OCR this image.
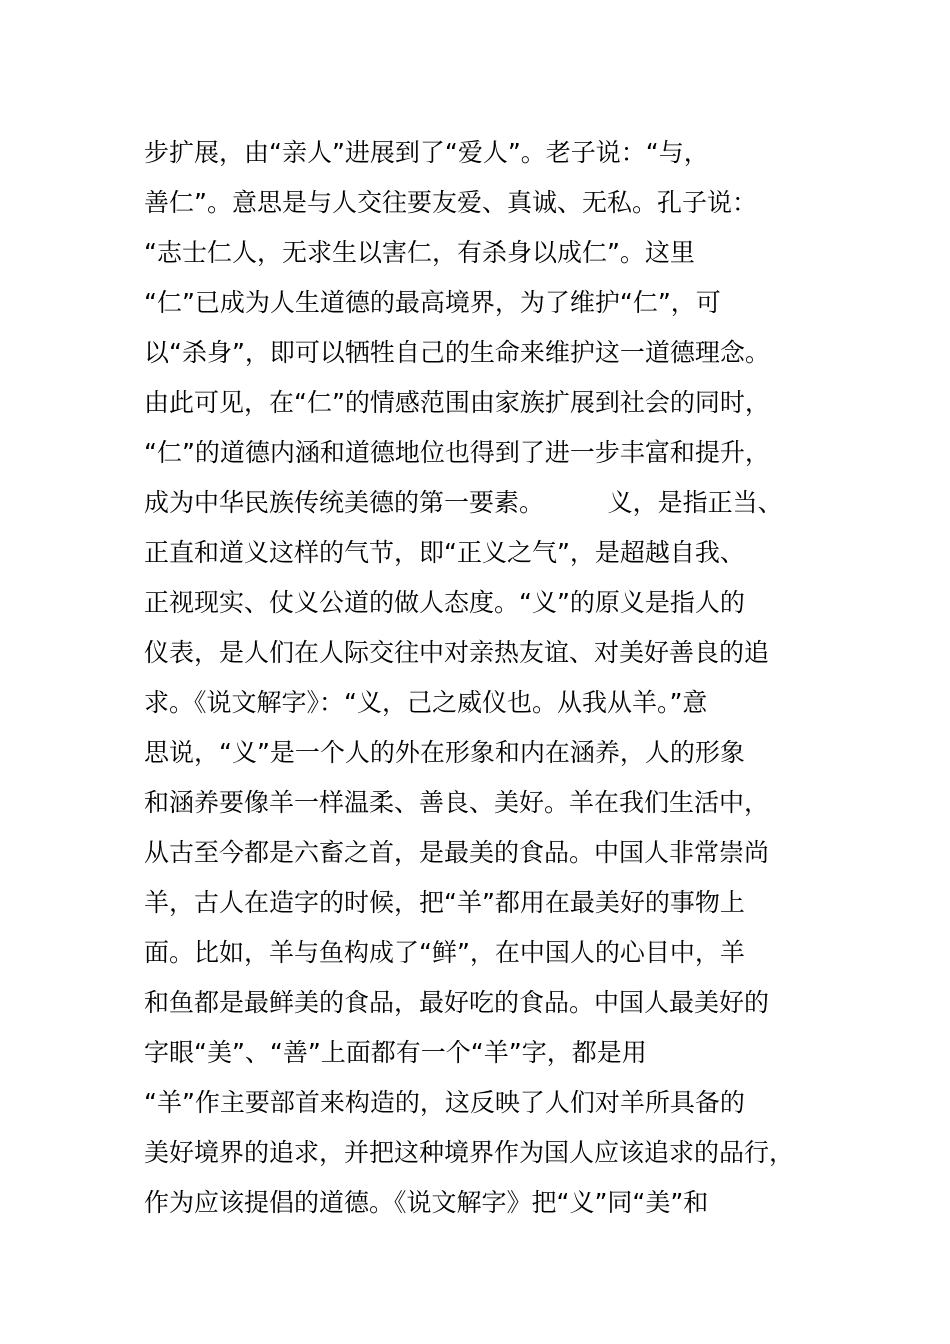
步扩展，由“亲人”进展到了“爱人”。老子说：“与，
善仁”。意思是与人交往要友爱、真诚、无私。孔子说：
“志士仁人，无求生以害仁，有杀身以成仁”。这里
“仁”已成为人生道德的最高境界，为了维护“仁”，可
以“杀身”，即可以牺牲自己的生命来维护这一道德理念。
由此可见，在“仁”的情感范围由家族扩展到社会的同时，
“仁”的道德内涵和道德地位也得到了进一步丰富和提升，
成为中华民族传统美德的第一要素。        义，是指正当、
正直和道义这样的气节，即“正义之气”，是超越自我、
正视现实、仗义公道的做人态度。“义”的原义是指人的
仪表，是人们在人际交往中对亲热友谊、对美好善良的追
求。《说文解字》：“义，己之威仪也。从我从羊。”意
思说，“义”是一个人的外在形象和内在涵养，人的形象
和涵养要像羊一样温柔、善良、美好。羊在我们生活中，
从古至今都是六畜之首，是最美的食品。中国人非常崇尚
羊，古人在造字的时候，把“羊”都用在最美好的事物上
面。比如，羊与鱼构成了“鲜”，在中国人的心目中，羊
和鱼都是最鲜美的食品，最好吃的食品。中国人最美好的
字眼“美”、“善”上面都有一个“羊”字，都是用
“羊”作主要部首来构造的，这反映了人们对羊所具备的
美好境界的追求，并把这种境界作为国人应该追求的品行，
作为应该提倡的道德。《说文解字》把“义”同“美”和
